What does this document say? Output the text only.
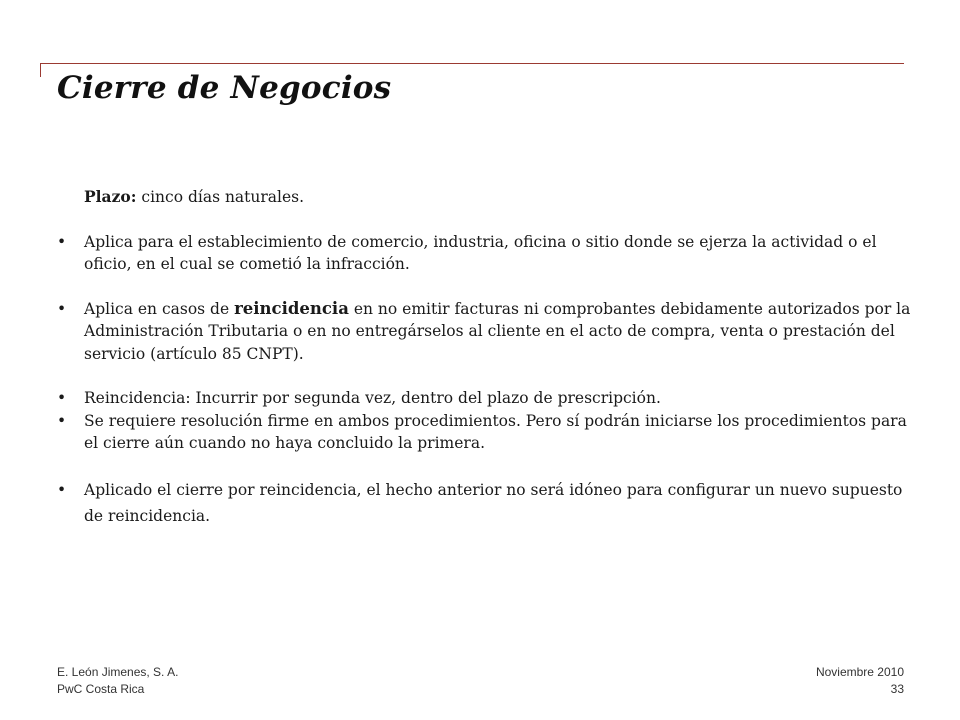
Cierre de Negocios

Plazo: cinco días naturales.

• Aplica para el establecimiento de comercio, industria, oficina o sitio donde se ejerza la actividad o el oficio, en el cual se cometió la infracción.
• Aplica en casos de reincidencia en no emitir facturas ni comprobantes debidamente autorizados por la Administración Tributaria o en no entregárselos al cliente en el acto de compra, venta o prestación del servicio (artículo 85 CNPT).
• Reincidencia: Incurrir por segunda vez, dentro del plazo de prescripción.
• Se requiere resolución firme en ambos procedimientos. Pero sí podrán iniciarse los procedimientos para el cierre aún cuando no haya concluido la primera.
• Aplicado el cierre por reincidencia, el hecho anterior no será idóneo para configurar un nuevo supuesto de reincidencia.
E. León Jimenes, S. A.
PwC Costa Rica
Noviembre 2010
33
